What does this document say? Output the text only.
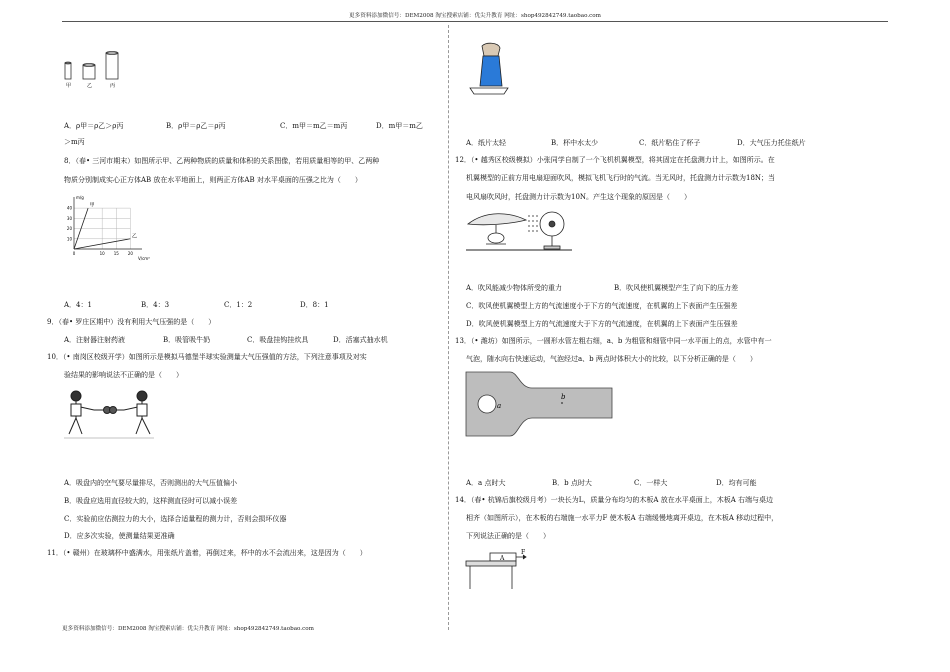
更多资料添加微信号：DEM2008 淘宝搜索店铺：优尖升教育 网址：shop492842749.taobao.com
更多资料添加微信号：DEM2008 淘宝搜索店铺：优尖升教育 网址：shop492842749.taobao.com
甲	乙	丙
A．ρ甲＝ρ乙＞ρ丙	B．ρ甲＝ρ乙＝ρ丙	C．m甲＝m乙＝m丙	D．m甲＝m乙
＞m丙
8．（春• 三河市期末）如图所示甲、乙两种物质的质量和体积的关系图像，若用质量相等的甲、乙两种
物质分别制成实心正方体AB 放在水平地面上，则两正方体AB 对水平桌面的压强之比为（　　）
10
20
30
40
0	10 15 20
m/g
V/cm³
甲
乙
A．4：1	B．4：3	C．1：2	D．8：1
9．（春• 罗庄区期中）没有利用大气压强的是（　　）
A．注射器注射药液	B．吸管吸牛奶	C．吸盘挂钩挂炊具	D．活塞式抽水机
10．（• 南岗区校级开学）如图所示是模拟马德堡半球实验测量大气压强值的方法，下列注意事项及对实
验结果的影响说法不正确的是（　　）
A．吸盘内的空气要尽量排尽，否则测出的大气压值偏小
B．吸盘应选用直径较大的，这样测直径时可以减小误差
C．实验前应估测拉力的大小，选择合适量程的测力计，否则会损坏仪器
D．应多次实验，使测量结果更准确
11．（• 赣州）在玻璃杯中盛满水，用张纸片盖着，再倒过来，杯中的水不会流出来，这是因为（　　）
A．纸片太轻	B．杯中水太少	C．纸片粘住了杯子	D．大气压力托住纸片
12．（• 越秀区校级模拟）小张同学自制了一个飞机机翼模型，将其固定在托盘测力计上，如图所示。在
机翼模型的正前方用电扇迎面吹风，模拟飞机飞行时的气流。当无风时，托盘测力计示数为18N；当
电风扇吹风时，托盘测力计示数为10N。产生这个现象的原因是（　　）
A．吹风能减少物体所受的重力	B．吹风使机翼模型产生了向下的压力差
C．吹风使机翼模型上方的气流速度小于下方的气流速度，在机翼的上下表面产生压强差
D．吹风使机翼模型上方的气流速度大于下方的气流速度，在机翼的上下表面产生压强差
13．（• 潍坊）如图所示，一圆形水管左粗右细，a、b 为粗管和细管中同一水平面上的点，水管中有一
气泡，随水向右快速运动，气泡经过a、b 两点时体积大小的比较，以下分析正确的是（　　）
a
b
A．a 点时大	B．b 点时大	C．一样大	D．均有可能
14．（春• 杭锦后旗校级月考）一块长为L，质量分布均匀的木板A 放在水平桌面上，木板A 右端与桌边
相齐（如图所示），在木板的右端施一水平力F 使木板A 右端缓慢地离开桌边，在木板A 移动过程中，
下列说法正确的是（　　）
A
F
